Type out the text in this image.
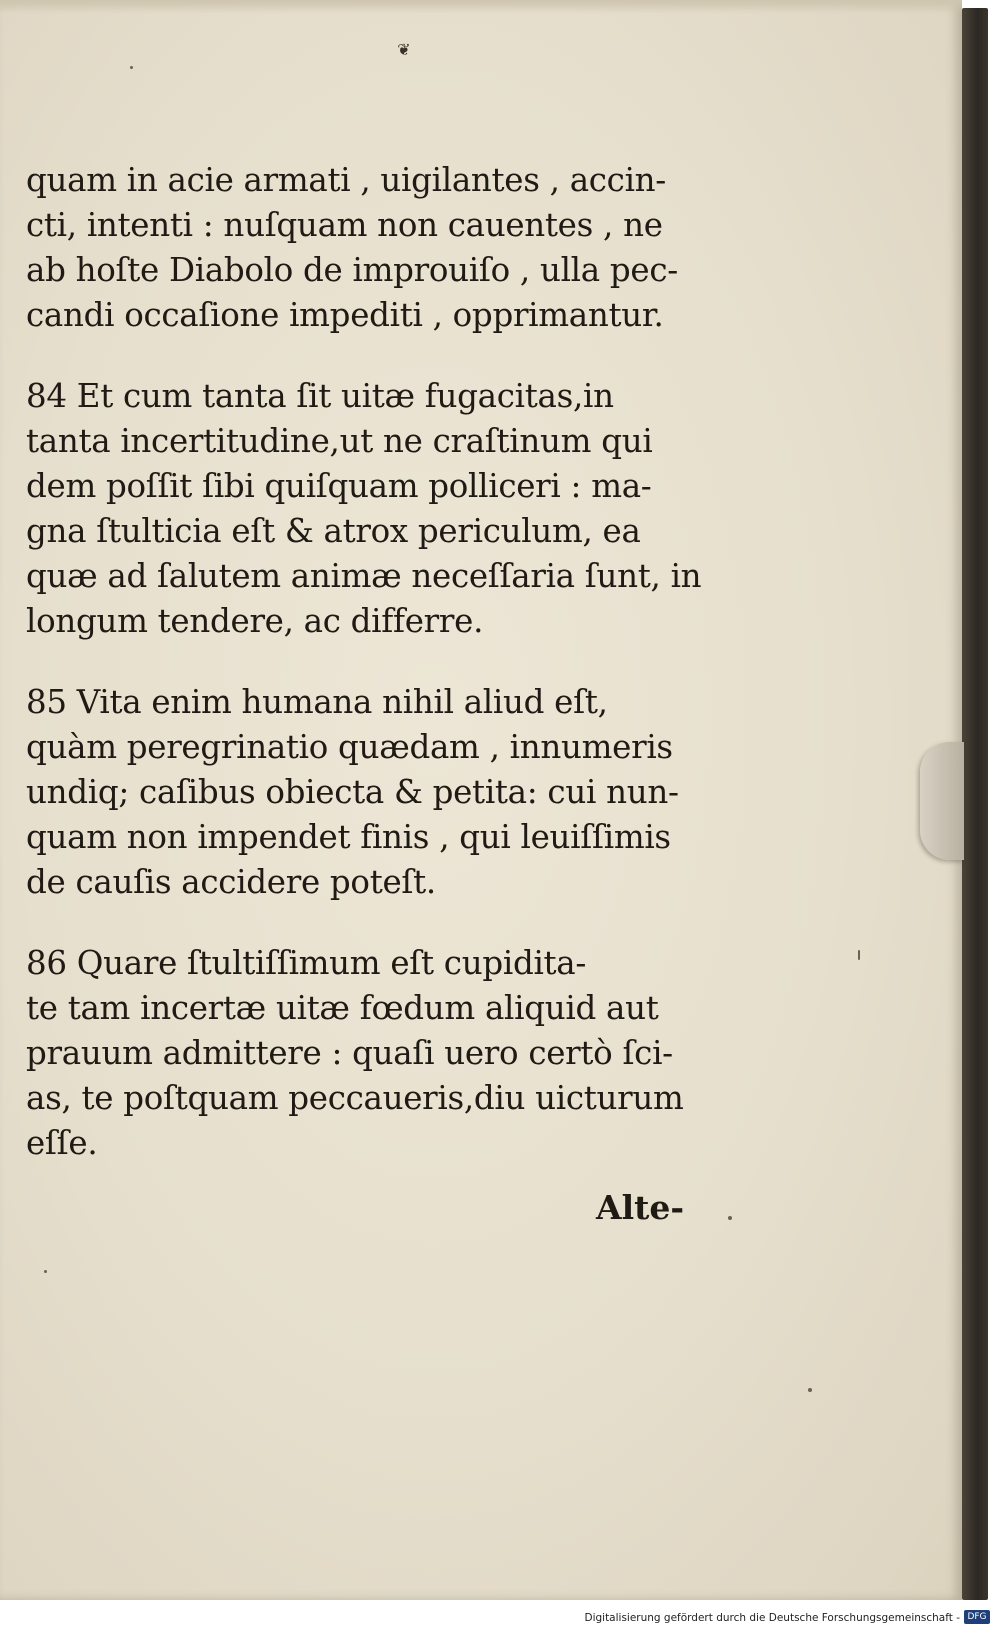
❦
quam in acie armati , uigilantes , accin-
cti, intenti : nuſquam non cauentes , ne
ab hoſte Diabolo de improuiſo , ulla pec-
candi occaſione impediti , opprimantur.
84 Et cum tanta ſit uitæ fugacitas,in
tanta incertitudine,ut ne craſtinum qui
dem poſſit ſibi quiſquam polliceri : ma-
gna ſtulticia eſt & atrox periculum, ea
quæ ad ſalutem animæ neceſſaria ſunt, in
longum tendere, ac differre.
85 Vita enim humana nihil aliud eſt,
quàm peregrinatio quædam , innumeris
undiq; caſibus obiecta & petita: cui nun-
quam non impendet finis , qui leuiſſimis
de cauſis accidere poteſt.
86 Quare ſtultiſſimum eſt cupidita-
te tam incertæ uitæ fœdum aliquid aut
prauum admittere : quaſi uero certò ſci-
as, te poſtquam peccaueris,diu uicturum
eſſe.
Alte-
Digitalisierung gefördert durch die Deutsche Forschungsgemeinschaft - DFG
